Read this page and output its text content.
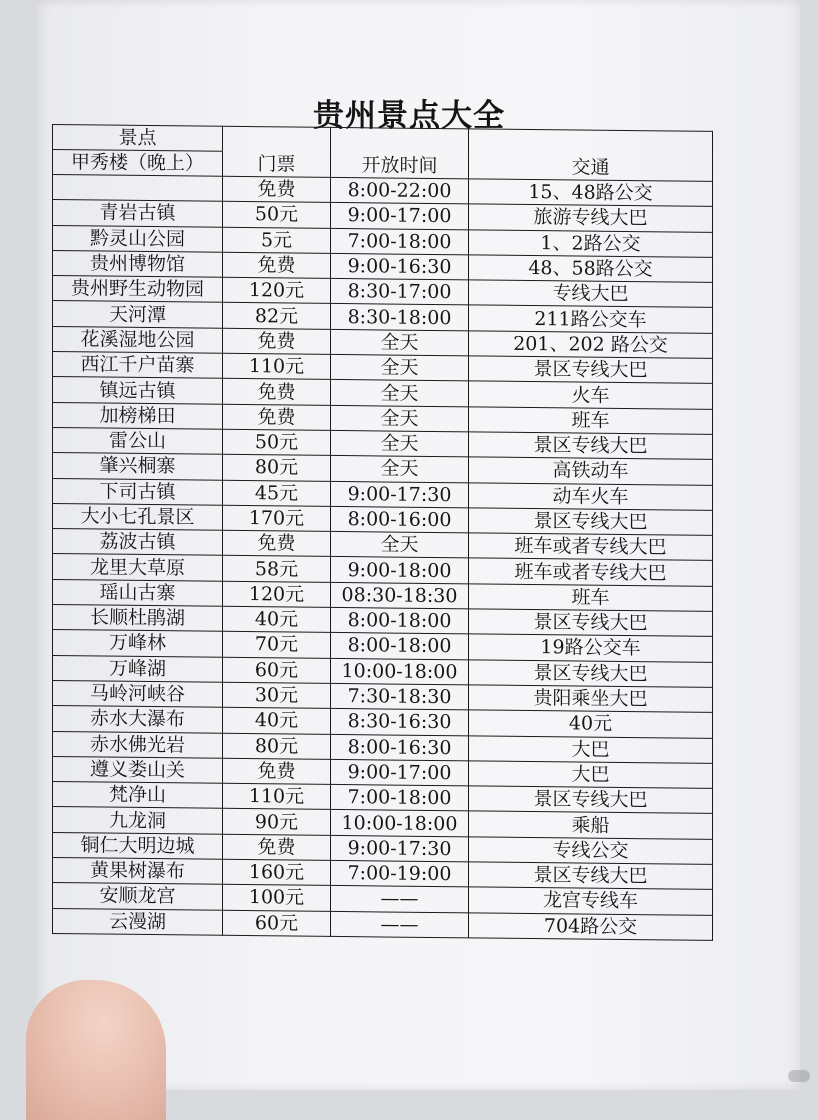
贵州景点大全
景点
甲秀楼（晚上）			

	门票	开放时间	交通
	免费	8:00-22:00	15、48路公交
青岩古镇	50元	9:00-17:00	旅游专线大巴
黔灵山公园	5元	7:00-18:00	1、2路公交
贵州博物馆	免费	9:00-16:30	48、58路公交
贵州野生动物园	120元	8:30-17:00	专线大巴
天河潭	82元	8:30-18:00	211路公交车
花溪湿地公园	免费	全天	201、202 路公交
西江千户苗寨	110元	全天	景区专线大巴
镇远古镇	免费	全天	火车
加榜梯田	免费	全天	班车
雷公山	50元	全天	景区专线大巴
肇兴桐寨	80元	全天	高铁动车
下司古镇	45元	9:00-17:30	动车火车
大小七孔景区	170元	8:00-16:00	景区专线大巴
荔波古镇	免费	全天	班车或者专线大巴
龙里大草原	58元	9:00-18:00	班车或者专线大巴
瑶山古寨	120元	08:30-18:30	班车
长顺杜鹃湖	40元	8:00-18:00	景区专线大巴
万峰林	70元	8:00-18:00	19路公交车
万峰湖	60元	10:00-18:00	景区专线大巴
马岭河峡谷	30元	7:30-18:30	贵阳乘坐大巴
赤水大瀑布	40元	8:30-16:30	40元
赤水佛光岩	80元	8:00-16:30	大巴
遵义娄山关	免费	9:00-17:00	大巴
梵净山	110元	7:00-18:00	景区专线大巴
九龙洞	90元	10:00-18:00	乘船
铜仁大明边城	免费	9:00-17:30	专线公交
黄果树瀑布	160元	7:00-19:00	景区专线大巴
安顺龙宫	100元	——	龙宫专线车
云漫湖	60元	——	704路公交
